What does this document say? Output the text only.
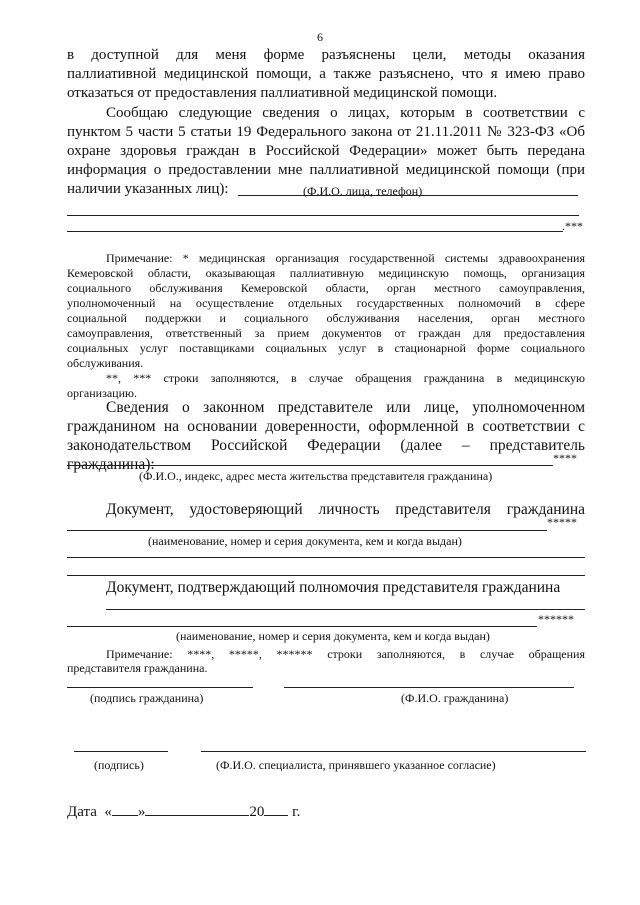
6
в доступной для меня форме разъяснены цели, методы оказания
паллиативной медицинской помощи, а также разъяснено, что я имею право
отказаться от предоставления паллиативной медицинской помощи.
Сообщаю следующие сведения о лицах, которым в соответствии с
пунктом 5 части 5 статьи 19 Федерального закона от 21.11.2011 № 323-ФЗ «Об
охране здоровья граждан в Российской Федерации» может быть передана
информация о предоставлении мне паллиативной медицинской помощи (при
наличии указанных лиц):	(Ф.И.О. лица, телефон)
.***
Примечание: * медицинская организация государственной системы здравоохранения
Кемеровской области, оказывающая паллиативную медицинскую помощь, организация
социального обслуживания Кемеровской области, орган местного самоуправления,
уполномоченный на осуществление отдельных государственных полномочий в сфере
социальной поддержки и социального обслуживания населения, орган местного
самоуправления, ответственный за прием документов от граждан для предоставления
социальных услуг поставщиками социальных услуг в стационарной форме социального
обслуживания.
**, *** строки заполняются, в случае обращения гражданина в медицинскую
организацию.
Сведения о законном представителе или лице, уполномоченном
гражданином на основании доверенности, оформленной в соответствии с
законодательством Российской Федерации (далее – представитель гражданина):	****
(Ф.И.О., индекс, адрес места жительства представителя гражданина)
Документ, удостоверяющий личность представителя гражданина
*****
(наименование, номер и серия документа, кем и когда выдан)
Документ, подтверждающий полномочия представителя гражданина
******
(наименование, номер и серия документа, кем и когда выдан)
Примечание: ****, *****, ****** строки заполняются, в случае обращения
представителя гражданина.
(подпись гражданина)	(Ф.И.О. гражданина)
(подпись)	(Ф.И.О. специалиста, принявшего указанное согласие)
Дата « »	20 г.
